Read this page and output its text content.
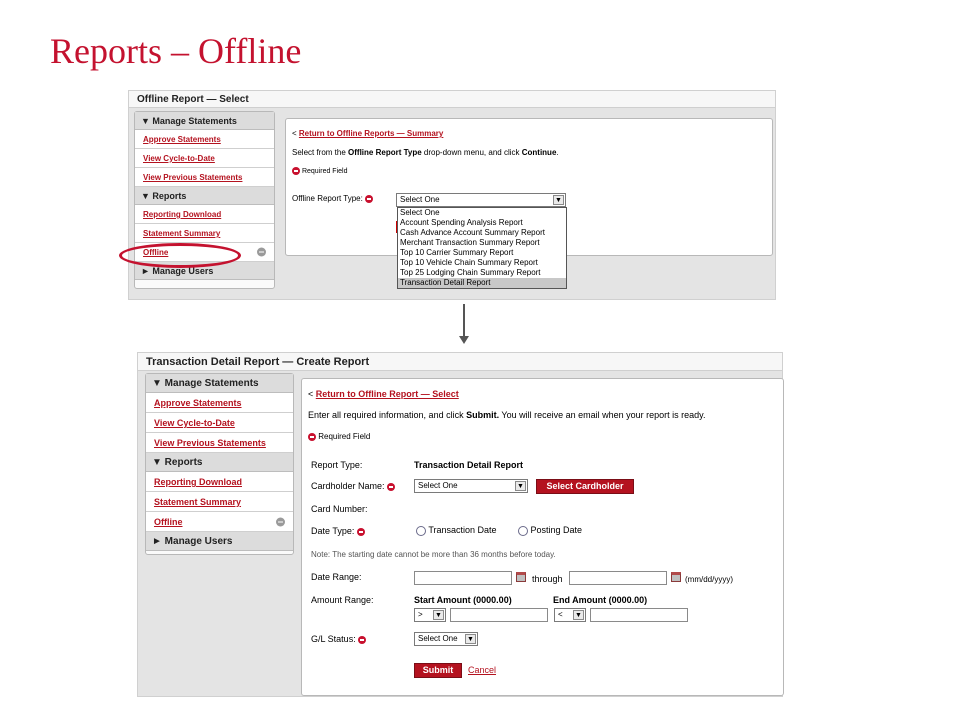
Reports – Offline
Offline Report — Select
▼ Manage Statements
Approve Statements
View Cycle-to-Date
View Previous Statements
▼ Reports
Reporting Download
Statement Summary
Offline
► Manage Users
< Return to Offline Reports — Summary
Select from the Offline Report Type drop-down menu, and click Continue.
Required Field
Offline Report Type:	Select One	▼
Select One
Account Spending Analysis Report
Cash Advance Account Summary Report
Merchant Transaction Summary Report
Top 10 Carrier Summary Report
Top 10 Vehicle Chain Summary Report
Top 25 Lodging Chain Summary Report
Transaction Detail Report
Transaction Detail Report — Create Report
▼ Manage Statements
Approve Statements
View Cycle-to-Date
View Previous Statements
▼ Reports
Reporting Download
Statement Summary
Offline
► Manage Users
< Return to Offline Report — Select
Enter all required information, and click Submit. You will receive an email when your report is ready.
Required Field
Report Type:	Transaction Detail Report
Cardholder Name:	Select One	▼	Select Cardholder
Card Number:
Date Type:	Transaction Date	Posting Date
Note: The starting date cannot be more than 36 months before today.
Date Range:	through	(mm/dd/yyyy)
Amount Range:	Start Amount (0000.00)	End Amount (0000.00)
> ▼	< ▼
G/L Status:	Select One ▼
Submit	Cancel
